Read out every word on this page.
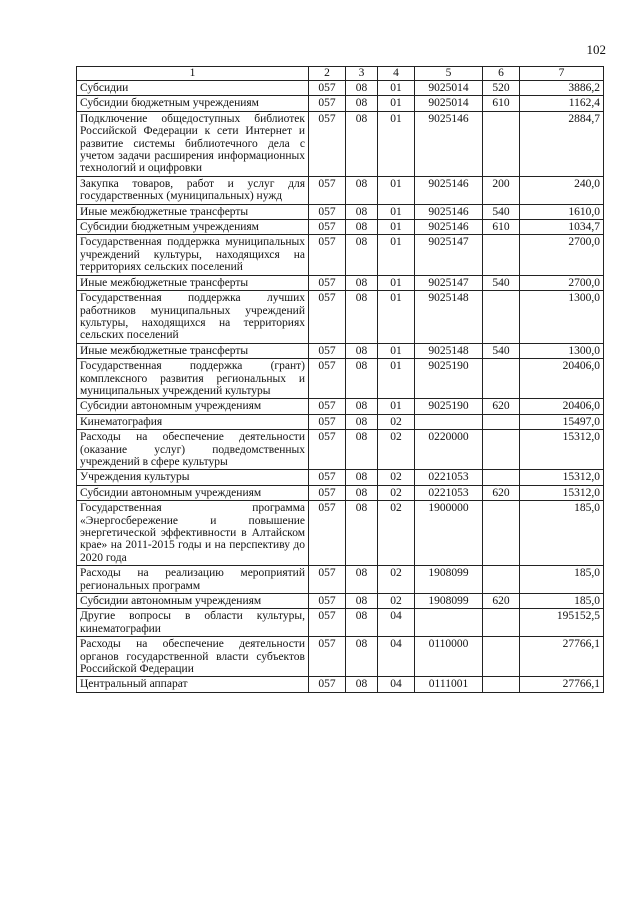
102
1	2	3	4	5	6	7
Субсидии	057	08	01	9025014	520	3886,2
Субсидии бюджетным учреждениям	057	08	01	9025014	610	1162,4
Подключение общедоступных библиотек Российской Федерации к сети Интернет и развитие системы библиотечного дела с учетом задачи расширения информационных технологий и оцифровки	057	08	01	9025146		2884,7
Закупка товаров, работ и услуг для государственных (муниципальных) нужд	057	08	01	9025146	200	240,0
Иные межбюджетные трансферты	057	08	01	9025146	540	1610,0
Субсидии бюджетным учреждениям	057	08	01	9025146	610	1034,7
Государственная поддержка муниципальных учреждений культуры, находящихся на территориях сельских поселений	057	08	01	9025147		2700,0
Иные межбюджетные трансферты	057	08	01	9025147	540	2700,0
Государственная поддержка лучших работников муниципальных учреждений культуры, находящихся на территориях сельских поселений	057	08	01	9025148		1300,0
Иные межбюджетные трансферты	057	08	01	9025148	540	1300,0
Государственная поддержка (грант) комплексного развития региональных и муниципальных учреждений культуры	057	08	01	9025190		20406,0
Субсидии автономным учреждениям	057	08	01	9025190	620	20406,0
Кинематография	057	08	02			15497,0
Расходы на обеспечение деятельности (оказание услуг) подведомственных учреждений в сфере культуры	057	08	02	0220000		15312,0
Учреждения культуры	057	08	02	0221053		15312,0
Субсидии автономным учреждениям	057	08	02	0221053	620	15312,0
Государственная программа «Энергосбережение и повышение энергетической эффективности в Алтайском крае» на 2011-2015 годы и на перспективу до 2020 года	057	08	02	1900000		185,0
Расходы на реализацию мероприятий региональных программ	057	08	02	1908099		185,0
Субсидии автономным учреждениям	057	08	02	1908099	620	185,0
Другие вопросы в области культуры, кинематографии	057	08	04			195152,5
Расходы на обеспечение деятельности органов государственной власти субъектов Российской Федерации	057	08	04	0110000		27766,1
Центральный аппарат	057	08	04	0111001		27766,1
